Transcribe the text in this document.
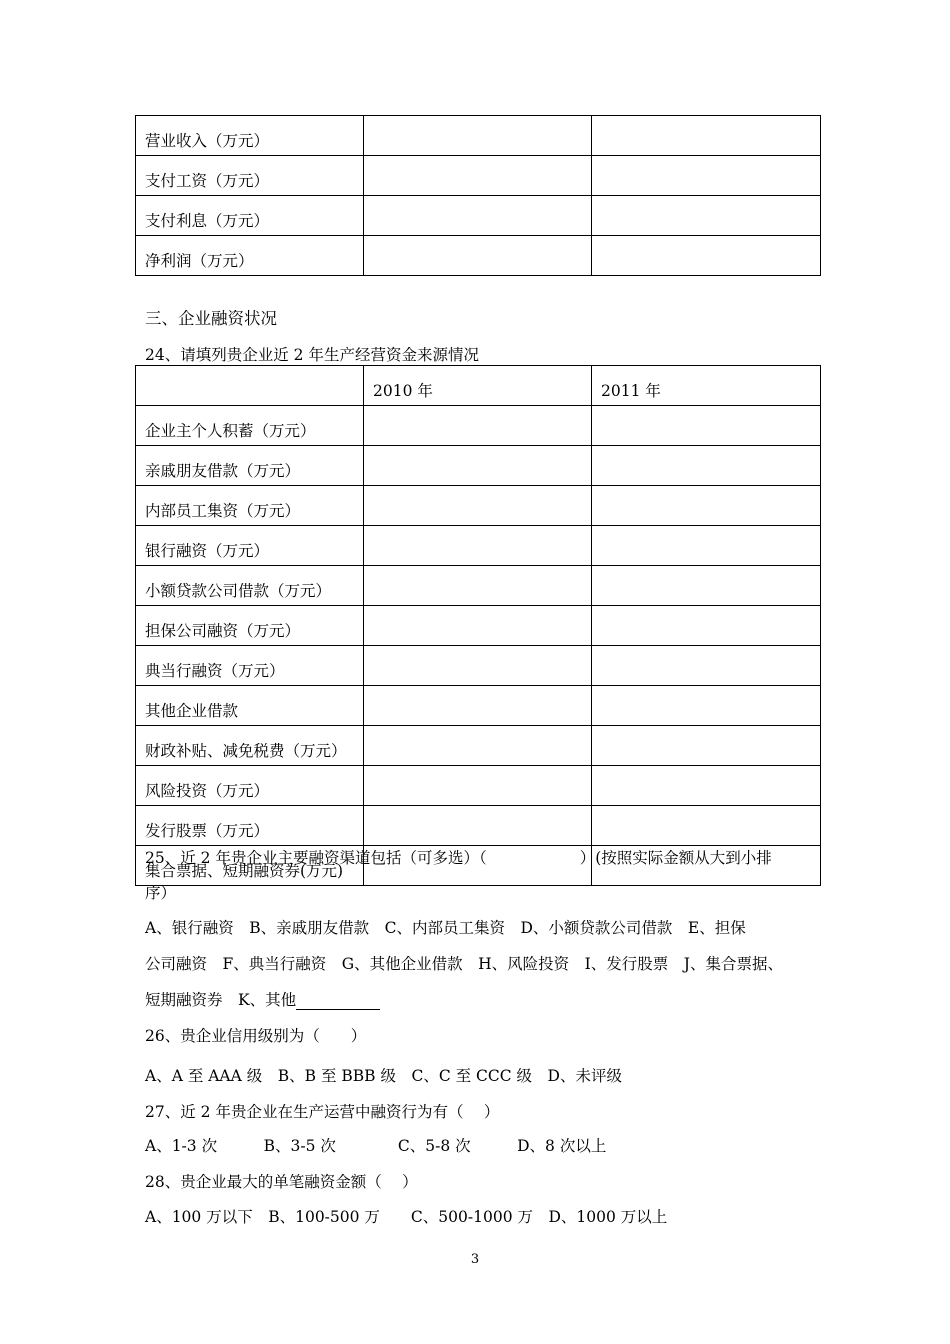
营业收入（万元）		
支付工资（万元）		
支付利息（万元）		
净利润（万元）		
三、企业融资状况
24、请填列贵企业近 2 年生产经营资金来源情况
	2010 年	2011 年
企业主个人积蓄（万元）		
亲戚朋友借款（万元）		
内部员工集资（万元）		
银行融资（万元）		
小额贷款公司借款（万元）		
担保公司融资（万元）		
典当行融资（万元）		
其他企业借款		
财政补贴、减免税费（万元）		
风险投资（万元）		
发行股票（万元）		
集合票据、短期融资券(万元)		
25、近 2 年贵企业主要融资渠道包括（可多选）（　　　　　　）(按照实际金额从大到小排
序）
A、银行融资　B、亲戚朋友借款　C、内部员工集资　D、小额贷款公司借款　E、担保
公司融资　F、典当行融资　G、其他企业借款　H、风险投资　I、发行股票　J、集合票据、
短期融资券　K、其他
26、贵企业信用级别为（　　）
A、A 至 AAA 级　B、B 至 BBB 级　C、C 至 CCC 级　D、未评级
27、近 2 年贵企业在生产运营中融资行为有（　 ）
A、1-3 次　　　B、3-5 次　　　　C、5-8 次　　　D、8 次以上
28、贵企业最大的单笔融资金额（　 ）
A、100 万以下　B、100-500 万　　C、500-1000 万　D、1000 万以上
3
